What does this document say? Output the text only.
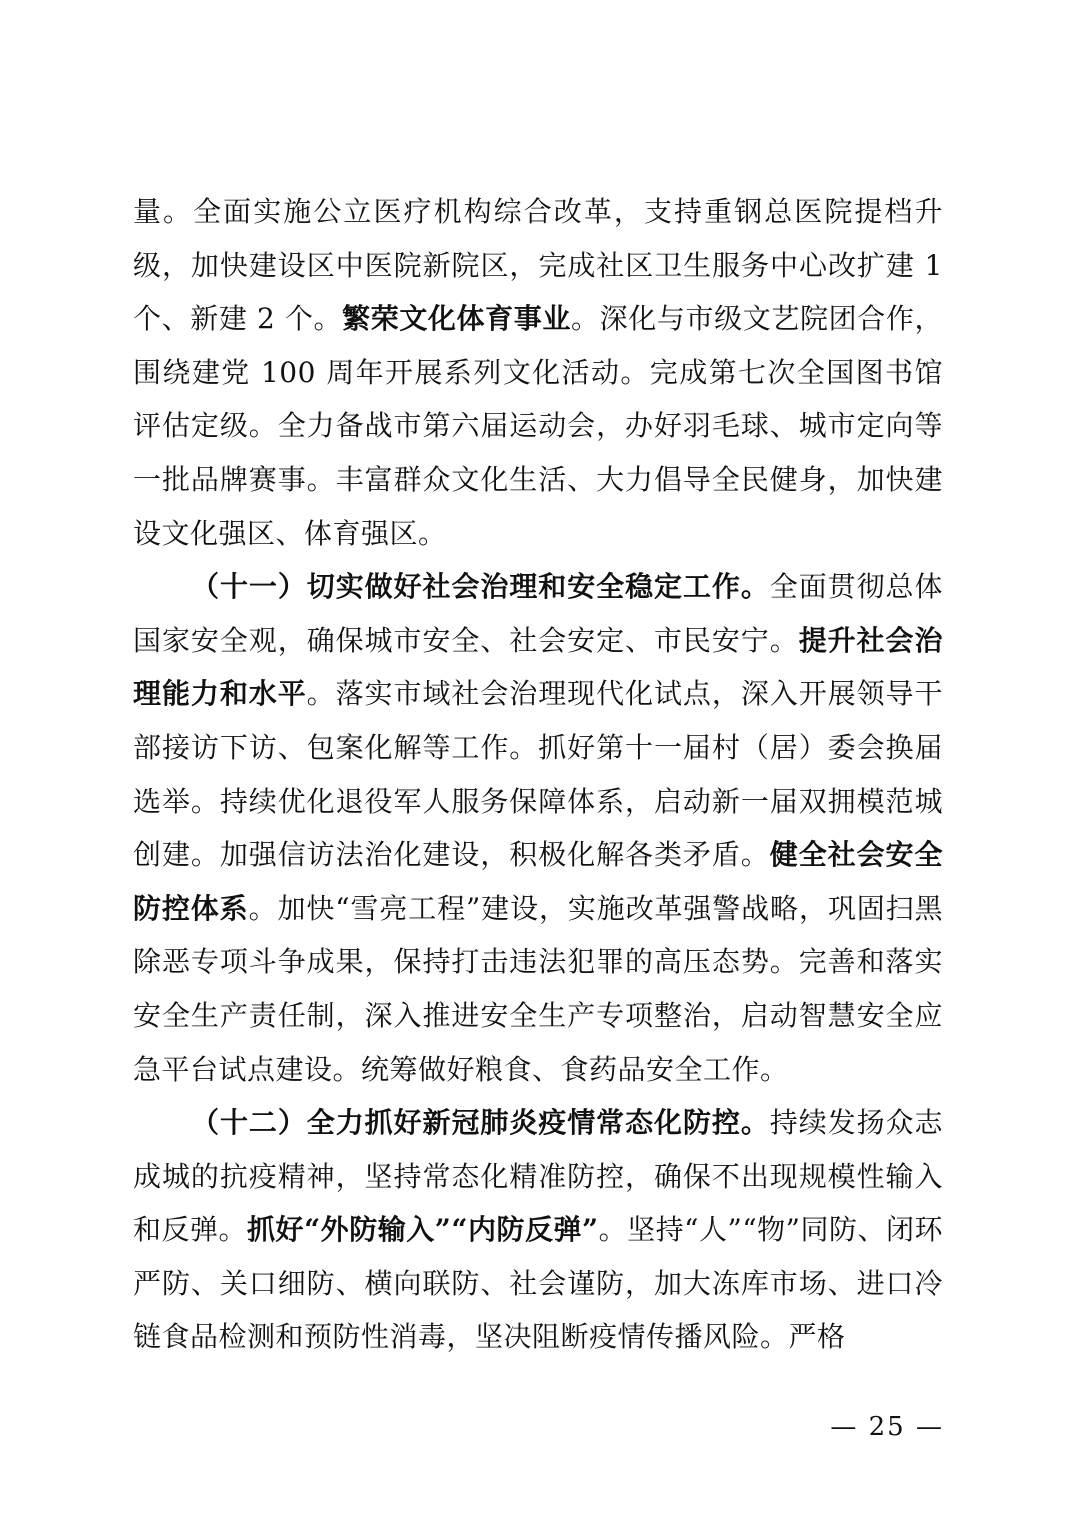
量。全面实施公立医疗机构综合改革，支持重钢总医院提档升级，加快建设区中医院新院区，完成社区卫生服务中心改扩建 1 个、新建 2 个。繁荣文化体育事业。深化与市级文艺院团合作，围绕建党 100 周年开展系列文化活动。完成第七次全国图书馆评估定级。全力备战市第六届运动会，办好羽毛球、城市定向等一批品牌赛事。丰富群众文化生活、大力倡导全民健身，加快建设文化强区、体育强区。

（十一）切实做好社会治理和安全稳定工作。全面贯彻总体国家安全观，确保城市安全、社会安定、市民安宁。提升社会治理能力和水平。落实市域社会治理现代化试点，深入开展领导干部接访下访、包案化解等工作。抓好第十一届村（居）委会换届选举。持续优化退役军人服务保障体系，启动新一届双拥模范城创建。加强信访法治化建设，积极化解各类矛盾。健全社会安全防控体系。加快“雪亮工程”建设，实施改革强警战略，巩固扫黑除恶专项斗争成果，保持打击违法犯罪的高压态势。完善和落实安全生产责任制，深入推进安全生产专项整治，启动智慧安全应急平台试点建设。统筹做好粮食、食药品安全工作。

（十二）全力抓好新冠肺炎疫情常态化防控。持续发扬众志成城的抗疫精神，坚持常态化精准防控，确保不出现规模性输入和反弹。抓好“外防输入”“内防反弹”。坚持“人”“物”同防、闭环严防、关口细防、横向联防、社会谨防，加大冻库市场、进口冷链食品检测和预防性消毒，坚决阻断疫情传播风险。严格

— 25 —
